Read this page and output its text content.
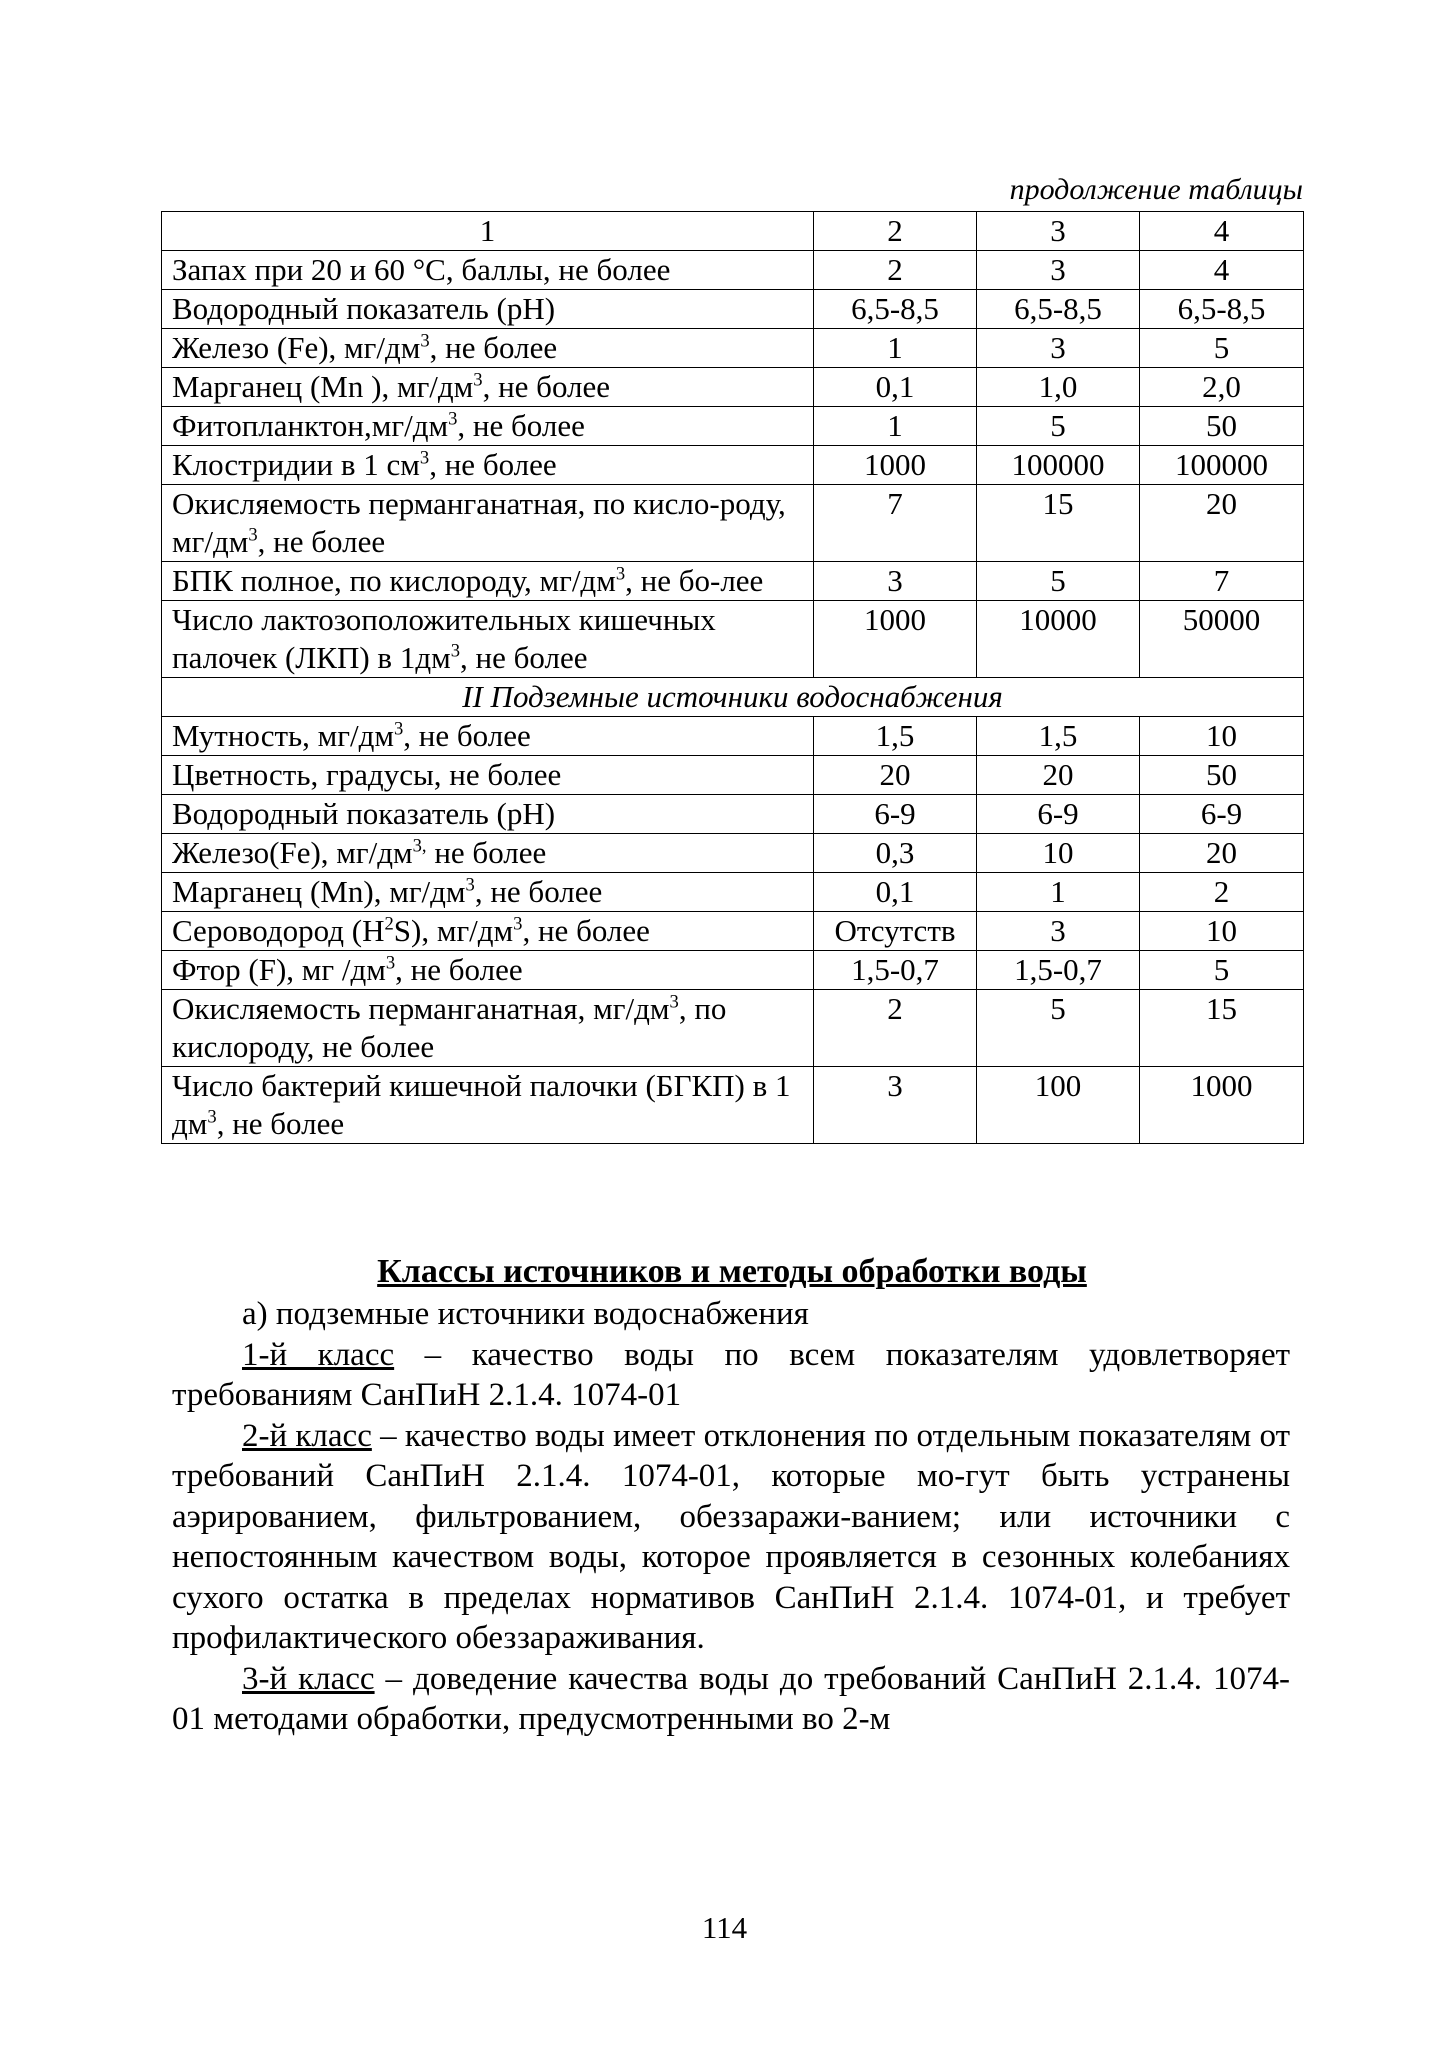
продолжение таблицы
1	2	3	4
Запах при 20 и 60 °С, баллы, не более	2	3	4
Водородный показатель (рН)	6,5-8,5	6,5-8,5	6,5-8,5
Железо (Fe), $мг/дм^3$, не более	1	3	5
Марганец (Mn ), $мг/дм^3$, не более	0,1	1,0	2,0
$Фитопланктон,мг/дм^3$, не более	1	5	50
Клостридии в 1 $см^3$, не более	1000	100000	100000
Окисляемость перманганатная, по кисло-роду, $мг/дм^3$, не более	7	15	20
БПК полное, по кислороду, $мг/дм^3$, не бо-лее	3	5	7
Число лактозоположительных кишечных палочек (ЛКП) в $1дм^3$, не более	1000	10000	50000
II Подземные источники водоснабжения			
Мутность, $мг/дм^3$, не более	1,5	1,5	10
Цветность, градусы, не более	20	20	50
Водородный показатель (рН)	6-9	6-9	6-9
Железо(Fe), $мг/дм^{3,}$ не более	0,3	10	20
Марганец (Mn), $мг/дм^3$, не более	0,1	1	2
Сероводород $(H^2S)$, $мг/дм^3$, не более	Отсутств	3	10
Фтор (F), мг $/дм^3$, не более	1,5-0,7	1,5-0,7	5
Окисляемость перманганатная, $мг/дм^3$, по кислороду, не более	2	5	15
Число бактерий кишечной палочки (БГКП) в 1 $дм^3$, не более	3	100	1000
Классы источников и методы обработки воды

а) подземные источники водоснабжения

1-й класс – качество воды по всем показателям удовлетворяет требованиям СанПиН 2.1.4. 1074-01

2-й класс – качество воды имеет отклонения по отдельным показателям от требований СанПиН 2.1.4. 1074-01, которые мо-гут быть устранены аэрированием, фильтрованием, обеззаражи-ванием; или источники с непостоянным качеством воды, которое проявляется в сезонных колебаниях сухого остатка в пределах нормативов СанПиН 2.1.4. 1074-01, и требует профилактического обеззараживания.

3-й класс – доведение качества воды до требований СанПиН 2.1.4. 1074-01 методами обработки, предусмотренными во 2-м

114
